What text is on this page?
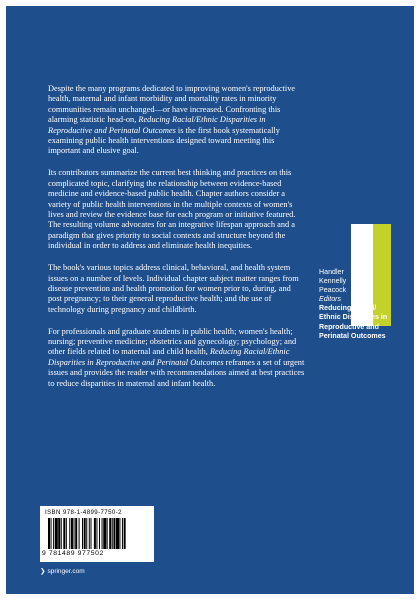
Despite the many programs dedicated to improving women's reproductive health, maternal and infant morbidity and mortality rates in minority communities remain unchanged—or have increased. Confronting this alarming statistic head-on, Reducing Racial/Ethnic Disparities in Reproductive and Perinatal Outcomes is the first book systematically examining public health interventions designed toward meeting this important and elusive goal.

Its contributors summarize the current best thinking and practices on this complicated topic, clarifying the relationship between evidence-based medicine and evidence-based public health. Chapter authors consider a variety of public health interventions in the multiple contexts of women's lives and review the evidence base for each program or initiative featured. The resulting volume advocates for an integrative lifespan approach and a paradigm that gives priority to social contexts and structure beyond the individual in order to address and eliminate health inequities.

The book's various topics address clinical, behavioral, and health system issues on a number of levels. Individual chapter subject matter ranges from disease prevention and health promotion for women prior to, during, and post pregnancy; to their general reproductive health; and the use of technology during pregnancy and childbirth.

For professionals and graduate students in public health; women's health; nursing; preventive medicine; obstetrics and gynecology; psychology; and other fields related to maternal and child health, Reducing Racial/Ethnic Disparities in Reproductive and Perinatal Outcomes reframes a set of urgent issues and provides the reader with recommendations aimed at best practices to reduce disparities in maternal and infant health.

Handler
Kennelly
Peacock
Editors
Reducing Racial/
Ethnic Disparities in
Reproductive and
Perinatal Outcomes
ISBN 978-1-4899-7750-2
9 781489 977502
❯ springer.com
